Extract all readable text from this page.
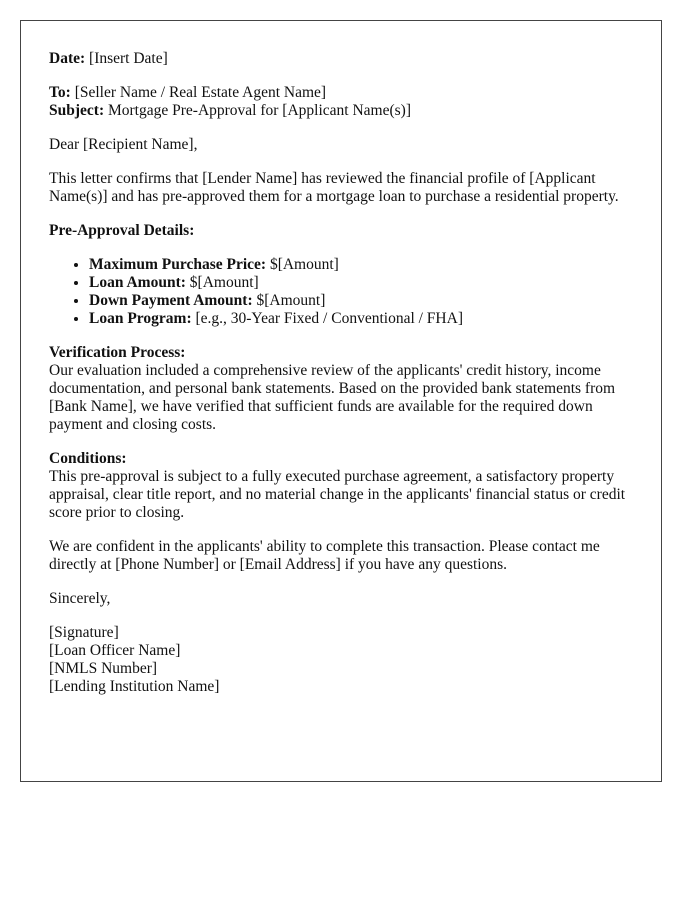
Date: [Insert Date]

To: [Seller Name / Real Estate Agent Name]
Subject: Mortgage Pre-Approval for [Applicant Name(s)]

Dear [Recipient Name],

This letter confirms that [Lender Name] has reviewed the financial profile of [Applicant Name(s)] and has pre-approved them for a mortgage loan to purchase a residential property.

Pre-Approval Details:

• Maximum Purchase Price: $[Amount]
• Loan Amount: $[Amount]
• Down Payment Amount: $[Amount]
• Loan Program: [e.g., 30-Year Fixed / Conventional / FHA]

Verification Process:
Our evaluation included a comprehensive review of the applicants' credit history, income documentation, and personal bank statements. Based on the provided bank statements from [Bank Name], we have verified that sufficient funds are available for the required down payment and closing costs.

Conditions:
This pre-approval is subject to a fully executed purchase agreement, a satisfactory property appraisal, clear title report, and no material change in the applicants' financial status or credit score prior to closing.

We are confident in the applicants' ability to complete this transaction. Please contact me directly at [Phone Number] or [Email Address] if you have any questions.

Sincerely,

[Signature]
[Loan Officer Name]
[NMLS Number]
[Lending Institution Name]
